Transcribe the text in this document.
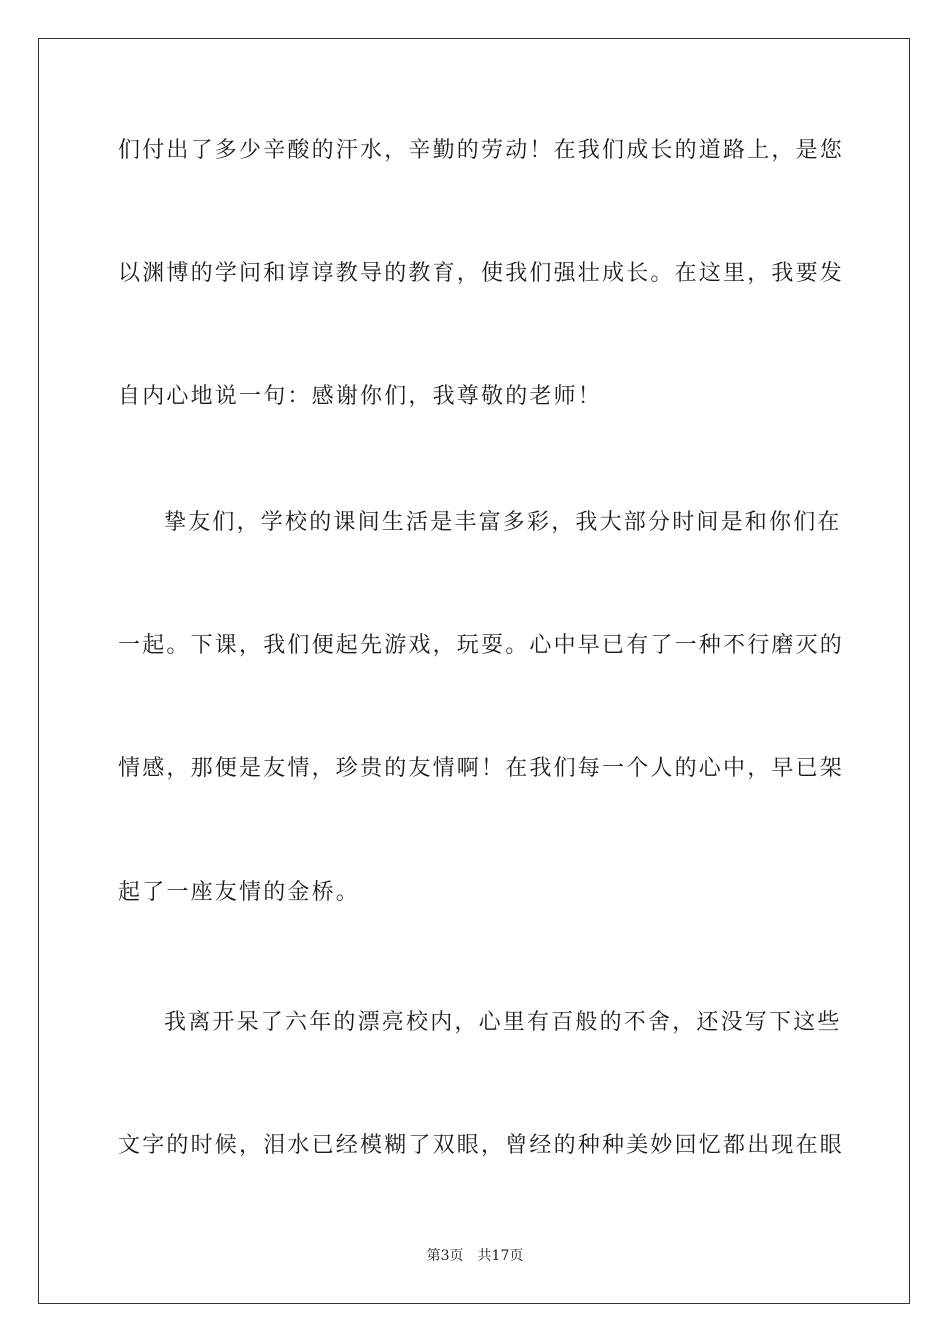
们付出了多少辛酸的汗水，辛勤的劳动！在我们成长的道路上，是您
以渊博的学问和谆谆教导的教育，使我们强壮成长。在这里，我要发
自内心地说一句：感谢你们，我尊敬的老师！
挚友们，学校的课间生活是丰富多彩，我大部分时间是和你们在
一起。下课，我们便起先游戏，玩耍。心中早已有了一种不行磨灭的
情感，那便是友情，珍贵的友情啊！在我们每一个人的心中，早已架
起了一座友情的金桥。
我离开呆了六年的漂亮校内，心里有百般的不舍，还没写下这些
文字的时候，泪水已经模糊了双眼，曾经的种种美妙回忆都出现在眼
第3页 共17页
